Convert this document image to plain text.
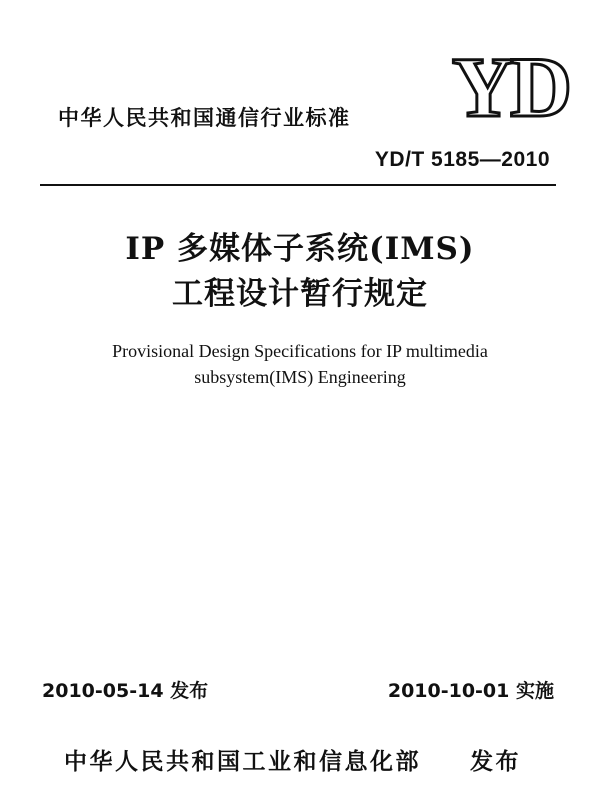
YD
中华人民共和国通信行业标准
YD/T 5185—2010
IP 多媒体子系统(IMS)
工程设计暂行规定
Provisional Design Specifications for IP multimedia
subsystem(IMS) Engineering
2010-05-14 发布	2010-10-01 实施
中华人民共和国工业和信息化部 发布
